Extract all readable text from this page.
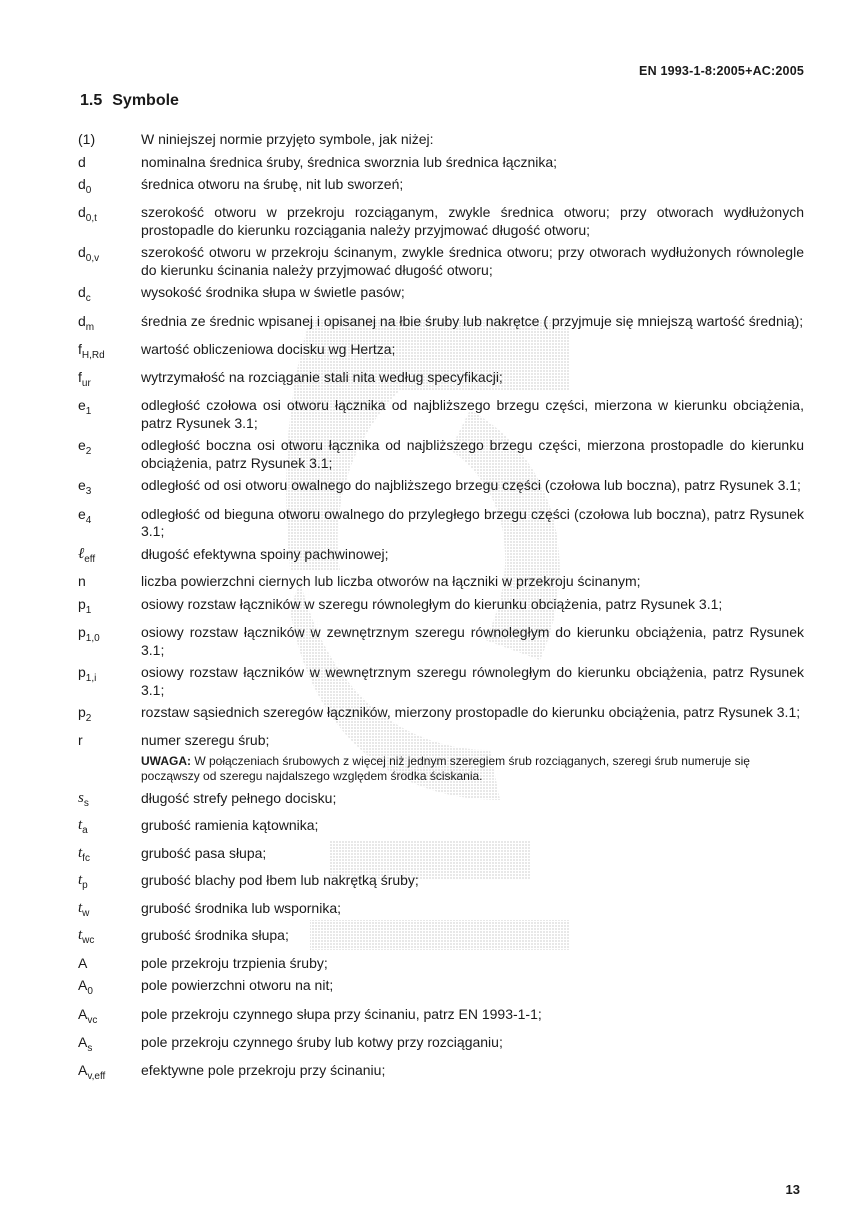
EN 1993-1-8:2005+AC:2005
1.5 Symbole
(1)	W niniejszej normie przyjęto symbole, jak niżej:
d	nominalna średnica śruby, średnica sworznia lub średnica łącznika;
$d_0$	średnica otworu na śrubę, nit lub sworzeń;
$d_{0,t}$	szerokość otworu w przekroju rozciąganym, zwykle średnica otworu; przy otworach wydłużonych prostopadle do kierunku rozciągania należy przyjmować długość otworu;
$d_{0,v}$	szerokość otworu w przekroju ścinanym, zwykle średnica otworu; przy otworach wydłużonych równolegle do kierunku ścinania należy przyjmować długość otworu;
$d_c$	wysokość środnika słupa w świetle pasów;
$d_m$	średnia ze średnic wpisanej i opisanej na łbie śruby lub nakrętce ( przyjmuje się mniejszą wartość średnią);
$f_{H,Rd}$	wartość obliczeniowa docisku wg Hertza;
$f_{ur}$	wytrzymałość na rozciąganie stali nita według specyfikacji;
$e_1$	odległość czołowa osi otworu łącznika od najbliższego brzegu części, mierzona w kierunku obciążenia, patrz Rysunek 3.1;
$e_2$	odległość boczna osi otworu łącznika od najbliższego brzegu części, mierzona prostopadle do kierunku obciążenia, patrz Rysunek 3.1;
$e_3$	odległość od osi otworu owalnego do najbliższego brzegu części (czołowa lub boczna), patrz Rysunek 3.1;
$e_4$	odległość od bieguna otworu owalnego do przyległego brzegu części (czołowa lub boczna), patrz Rysunek 3.1;
ℓ$_{eff}$	długość efektywna spoiny pachwinowej;
n	liczba powierzchni ciernych lub liczba otworów na łączniki w przekroju ścinanym;
$p_1$	osiowy rozstaw łączników w szeregu równoległym do kierunku obciążenia, patrz Rysunek 3.1;
$p_{1,0}$	osiowy rozstaw łączników w zewnętrznym szeregu równoległym do kierunku obciążenia, patrz Rysunek 3.1;
$p_{1,i}$	osiowy rozstaw łączników w wewnętrznym szeregu równoległym do kierunku obciążenia, patrz Rysunek 3.1;
$p_2$	rozstaw sąsiednich szeregów łączników, mierzony prostopadle do kierunku obciążenia, patrz Rysunek 3.1;
r	numer szeregu śrub;
UWAGA: W połączeniach śrubowych z więcej niż jednym szeregiem śrub rozciąganych, szeregi śrub numeruje się począwszy od szeregu najdalszego względem środka ściskania.
$s_s$	długość strefy pełnego docisku;
$t_a$	grubość ramienia kątownika;
$t_{fc}$	grubość pasa słupa;
$t_p$	grubość blachy pod łbem lub nakrętką śruby;
$t_w$	grubość środnika lub wspornika;
$t_{wc}$	grubość środnika słupa;
A	pole przekroju trzpienia śruby;
$A_0$	pole powierzchni otworu na nit;
$A_{vc}$	pole przekroju czynnego słupa przy ścinaniu, patrz EN 1993-1-1;
$A_s$	pole przekroju czynnego śruby lub kotwy przy rozciąganiu;
$A_{v,eff}$	efektywne pole przekroju przy ścinaniu;
13
